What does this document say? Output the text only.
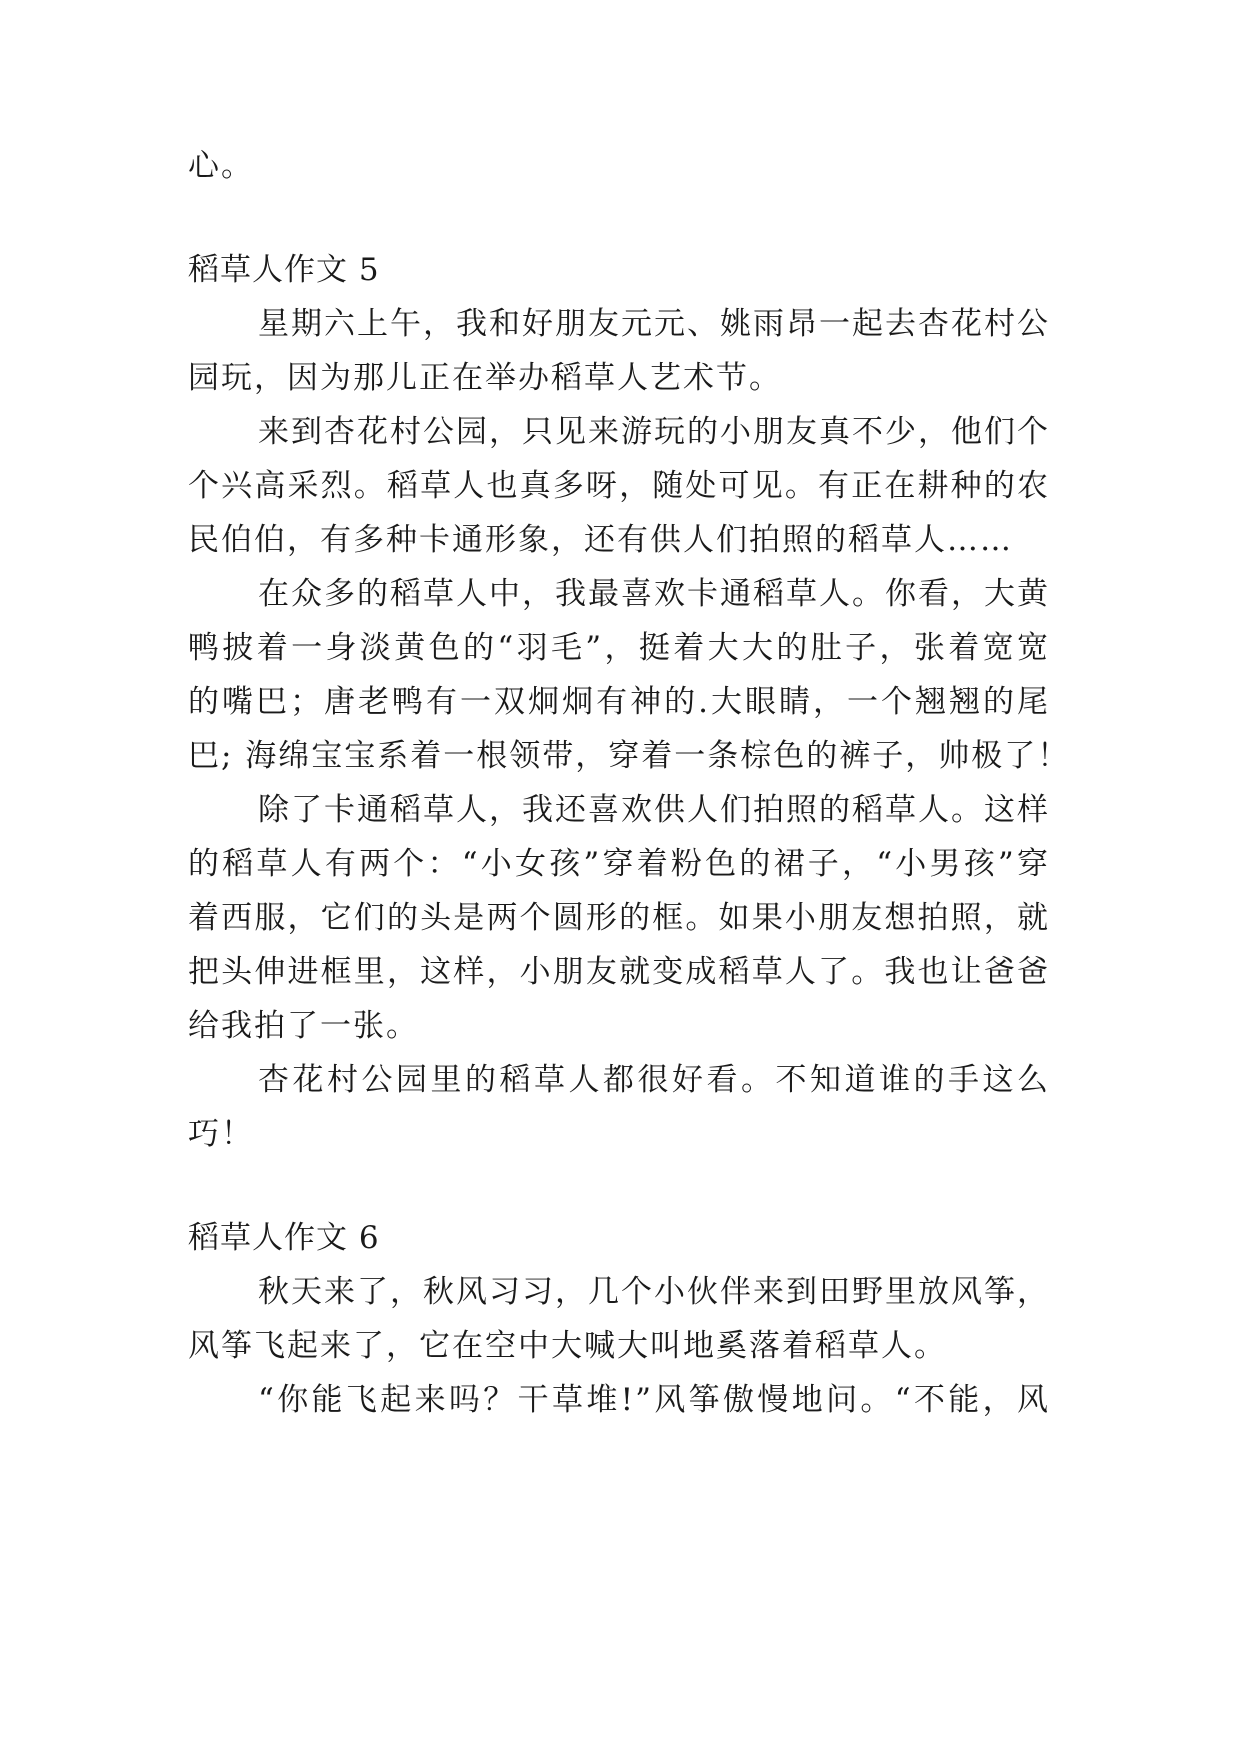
心。
稻草人作文 5
星期六上午，我和好朋友元元、姚雨昂一起去杏花村公
园玩，因为那儿正在举办稻草人艺术节。
来到杏花村公园，只见来游玩的小朋友真不少，他们个
个兴高采烈。稻草人也真多呀，随处可见。有正在耕种的农
民伯伯，有多种卡通形象，还有供人们拍照的稻草人……
在众多的稻草人中，我最喜欢卡通稻草人。你看，大黄
鸭披着一身淡黄色的“羽毛”，挺着大大的肚子，张着宽宽
的嘴巴；唐老鸭有一双炯炯有神的.大眼睛，一个翘翘的尾
巴; 海绵宝宝系着一根领带，穿着一条棕色的裤子，帅极了！
除了卡通稻草人，我还喜欢供人们拍照的稻草人。这样
的稻草人有两个：“小女孩”穿着粉色的裙子，“小男孩”穿
着西服，它们的头是两个圆形的框。如果小朋友想拍照，就
把头伸进框里，这样，小朋友就变成稻草人了。我也让爸爸
给我拍了一张。
杏花村公园里的稻草人都很好看。不知道谁的手这么
巧！
稻草人作文 6
秋天来了，秋风习习，几个小伙伴来到田野里放风筝，
风筝飞起来了，它在空中大喊大叫地奚落着稻草人。
“你能飞起来吗？干草堆!”风筝傲慢地问。“不能，风
